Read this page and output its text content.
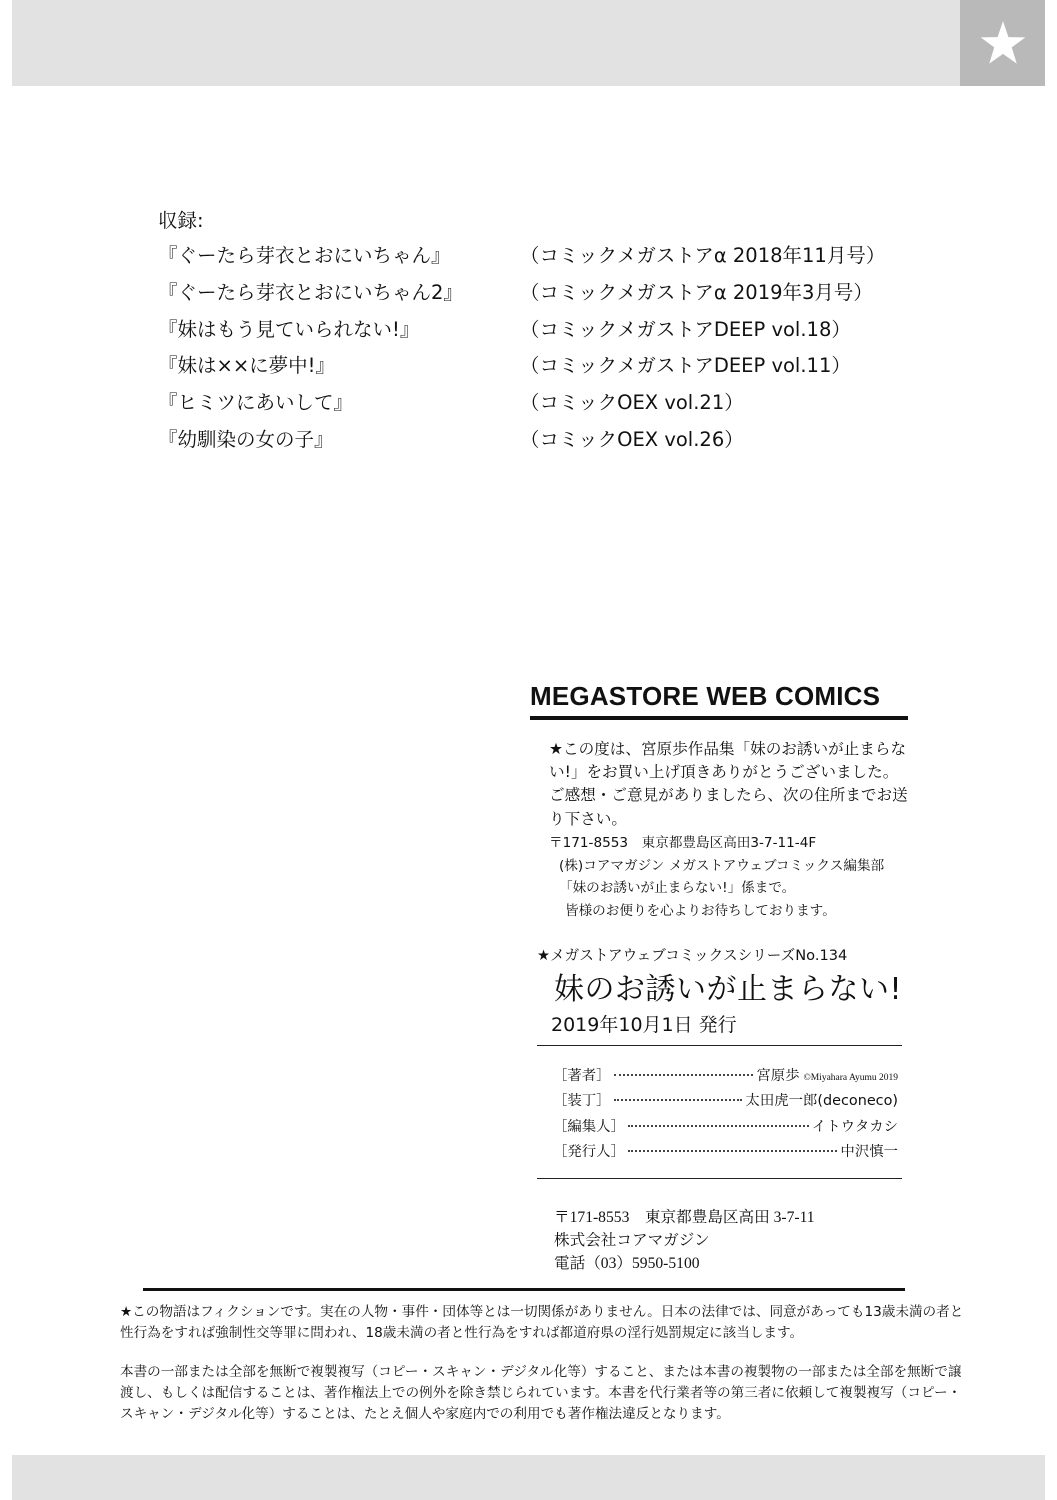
収録:
『ぐーたら芽衣とおにいちゃん』	（コミックメガストアα 2018年11月号）
『ぐーたら芽衣とおにいちゃん2』	（コミックメガストアα 2019年3月号）
『妹はもう見ていられない!』	（コミックメガストアDEEP vol.18）
『妹は××に夢中!』	（コミックメガストアDEEP vol.11）
『ヒミツにあいして』	（コミックOEX vol.21）
『幼馴染の女の子』	（コミックOEX vol.26）
MEGASTORE WEB COMICS
★この度は、宮原歩作品集「妹のお誘いが止まらない!」をお買い上げ頂きありがとうございました。ご感想・ご意見がありましたら、次の住所までお送り下さい。
〒171-8553　東京都豊島区高田3-7-11-4F
(株)コアマガジン メガストアウェブコミックス編集部
「妹のお誘いが止まらない!」係まで。
皆様のお便りを心よりお待ちしております。
★メガストアウェブコミックスシリーズNo.134
妹のお誘いが止まらない!
2019年10月1日 発行
［著者］	宮原歩 ©Miyahara Ayumu 2019
［装丁］	太田虎一郎(deconeco)
［編集人］	イトウタカシ
［発行人］	中沢慎一
〒171-8553　東京都豊島区高田 3-7-11
株式会社コアマガジン
電話（03）5950-5100

★この物語はフィクションです。実在の人物・事件・団体等とは一切関係がありません。日本の法律では、同意があっても13歳未満の者と性行為をすれば強制性交等罪に問われ、18歳未満の者と性行為をすれば都道府県の淫行処罰規定に該当します。

本書の一部または全部を無断で複製複写（コピー・スキャン・デジタル化等）すること、または本書の複製物の一部または全部を無断で譲渡し、もしくは配信することは、著作権法上での例外を除き禁じられています。本書を代行業者等の第三者に依頼して複製複写（コピー・スキャン・デジタル化等）することは、たとえ個人や家庭内での利用でも著作権法違反となります。
